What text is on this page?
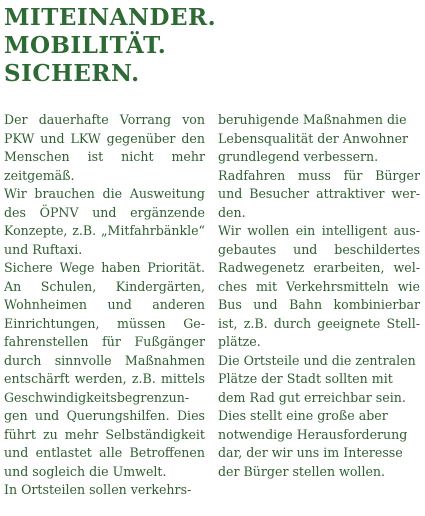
MITEINANDER.
MOBILITÄT.
SICHERN.

Der dauerhafte Vorrang von PKW und LKW gegenüber den Menschen ist nicht mehr zeitgemäß.

Wir brauchen die Ausweitung des ÖPNV und ergänzende Konzepte, z.B. „Mitfahrbänkle“ und Ruftaxi.

Sichere Wege haben Priorität. An Schulen, Kindergärten, Wohnheimen und anderen Einrichtungen, müssen Gefahrenstellen für Fußgänger durch sinnvolle Maßnahmen entschärft werden, z.B. mittels Geschwindigkeitsbegrenzungen und Querungshilfen. Dies führt zu mehr Selbständigkeit und entlastet alle Betroffenen und sogleich die Umwelt.

In Ortsteilen sollen verkehrs-

beruhigende Maßnahmen die Lebensqualität der Anwohner grundlegend verbessern.

Radfahren muss für Bürger und Besucher attraktiver werden.

Wir wollen ein intelligent ausgebautes und beschildertes Radwegenetz erarbeiten, welches mit Verkehrsmitteln wie Bus und Bahn kombinierbar ist, z.B. durch geeignete Stellplätze.

Die Ortsteile und die zentralen Plätze der Stadt sollten mit dem Rad gut erreichbar sein.

Dies stellt eine große aber notwendige Herausforderung dar, der wir uns im Interesse der Bürger stellen wollen.
